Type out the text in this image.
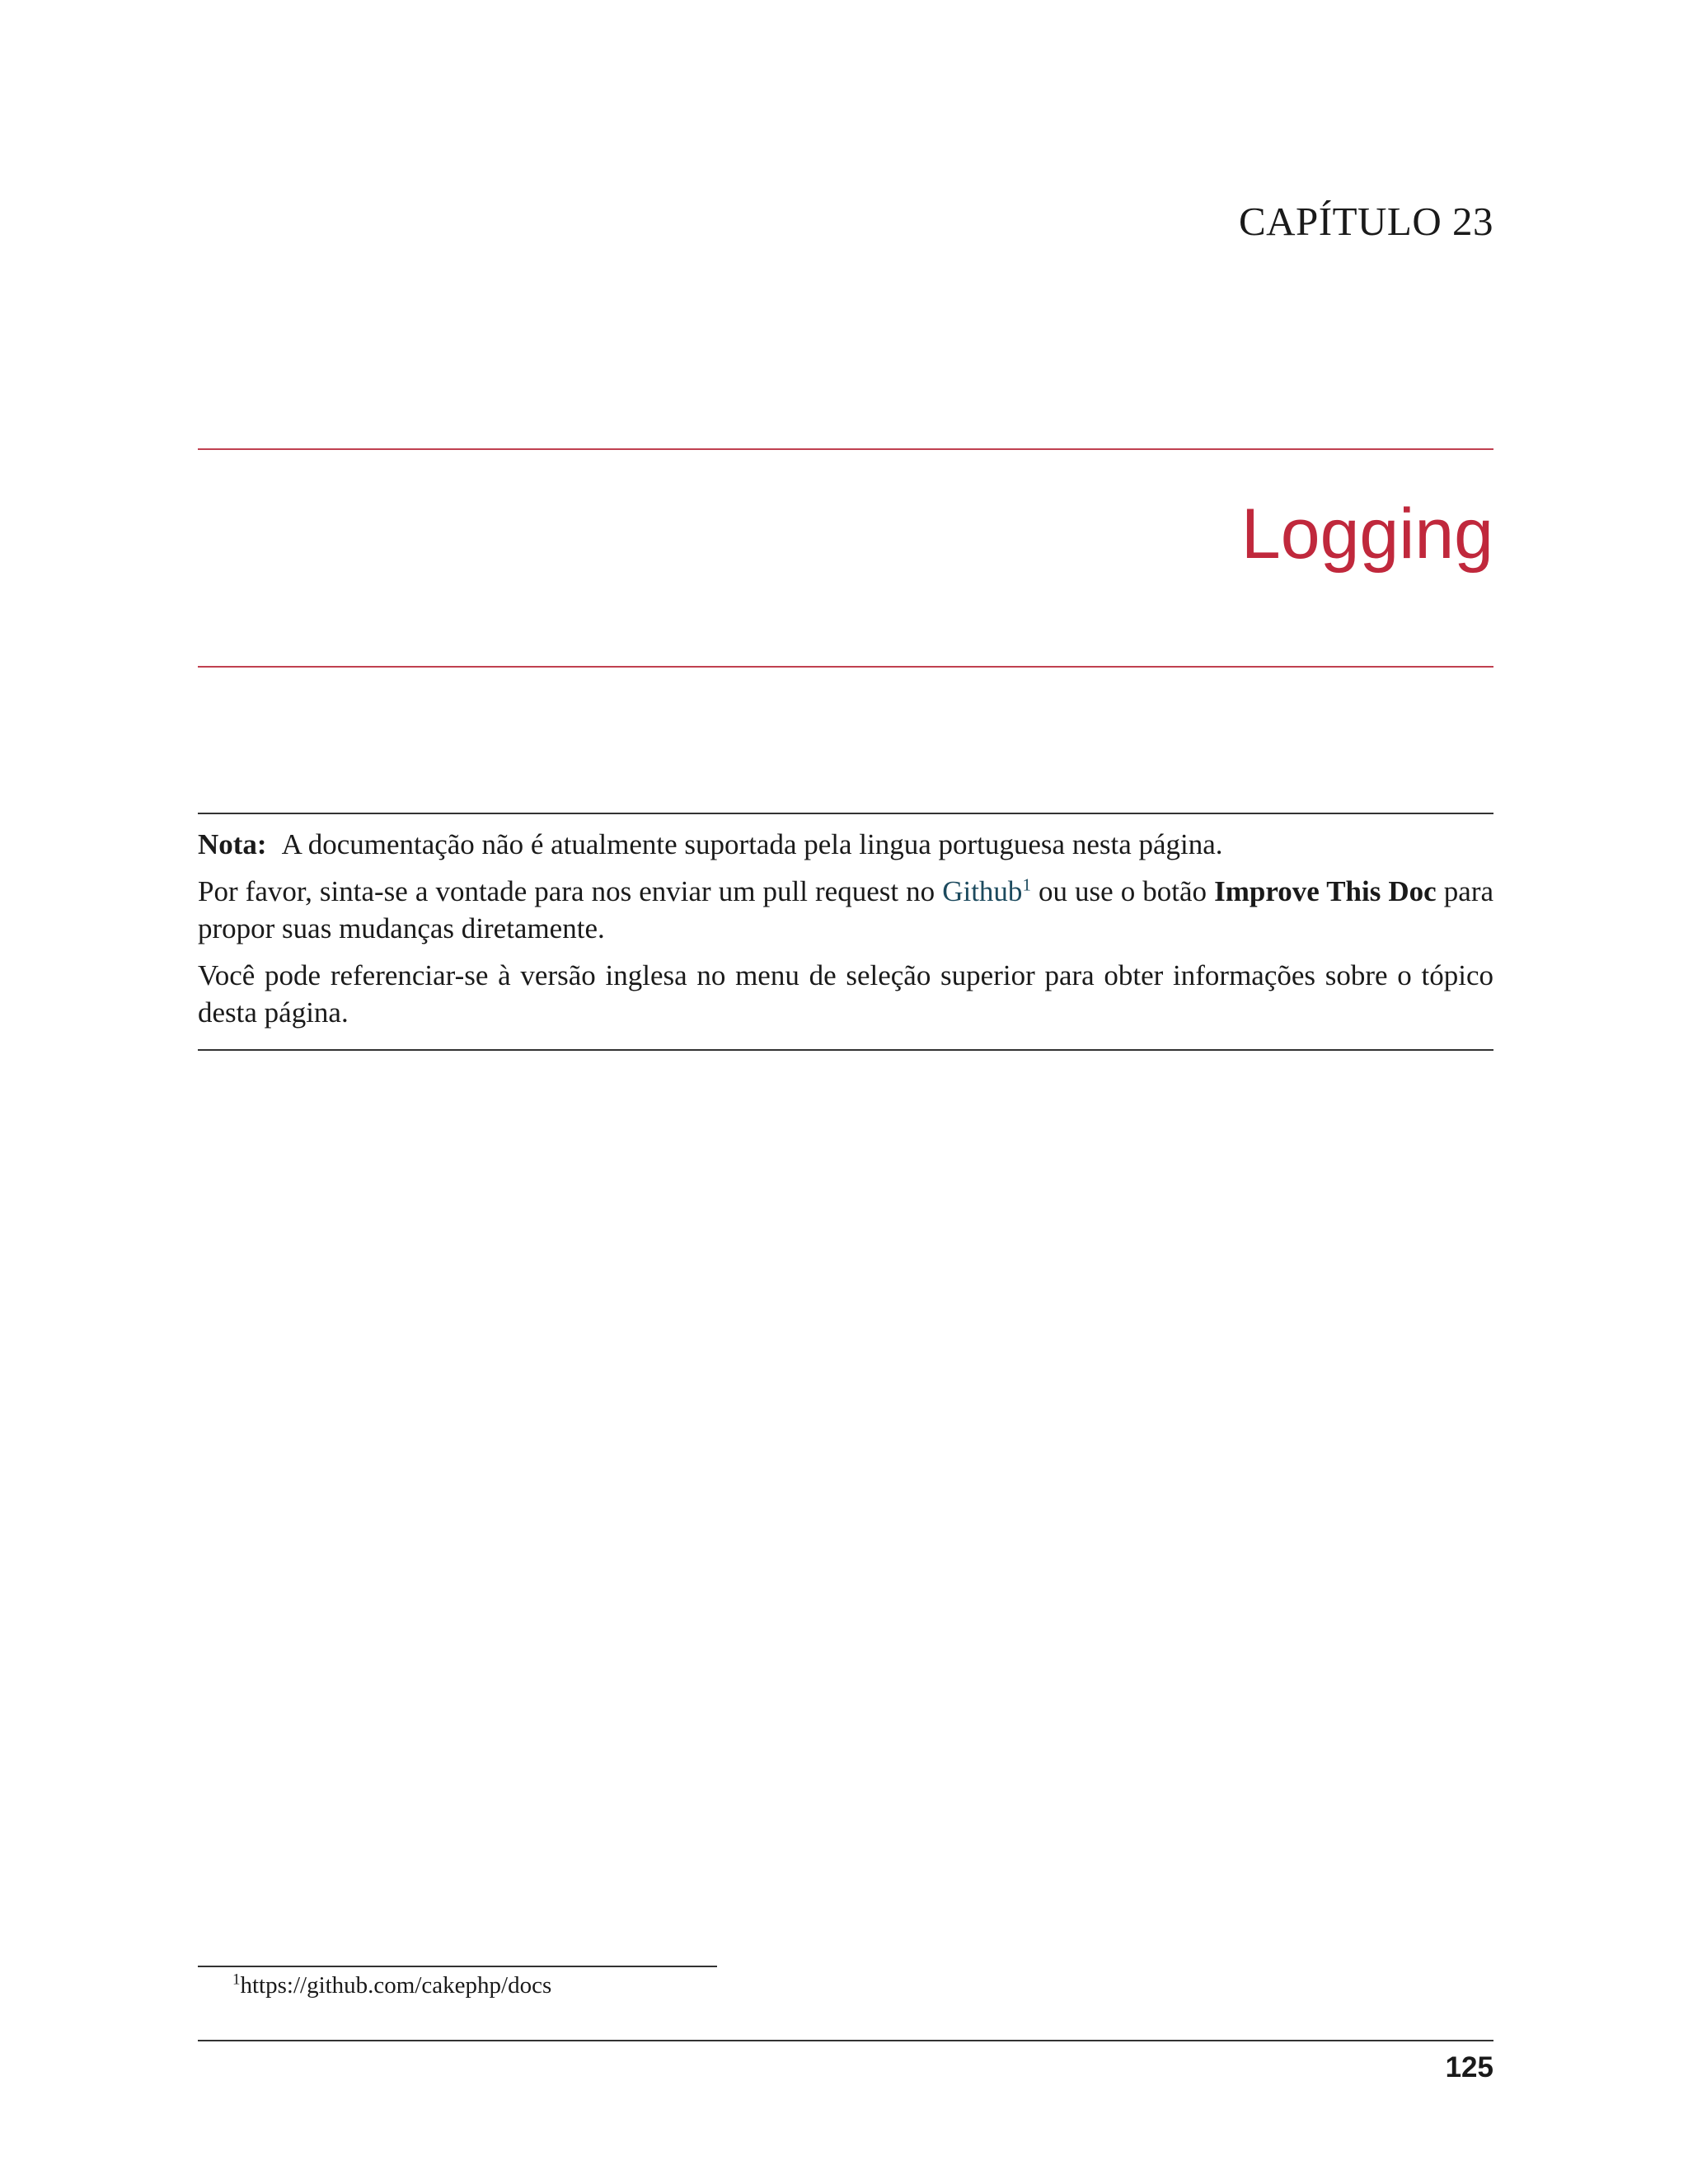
CAPÍTULO 23
Logging

Nota: A documentação não é atualmente suportada pela lingua portuguesa nesta página.

Por favor, sinta-se a vontade para nos enviar um pull request no Github$^1$ ou use o botão Improve This Doc para propor suas mudanças diretamente.

Você pode referenciar-se à versão inglesa no menu de seleção superior para obter informações sobre o tópico desta página.

$^1$https://github.com/cakephp/docs
125
